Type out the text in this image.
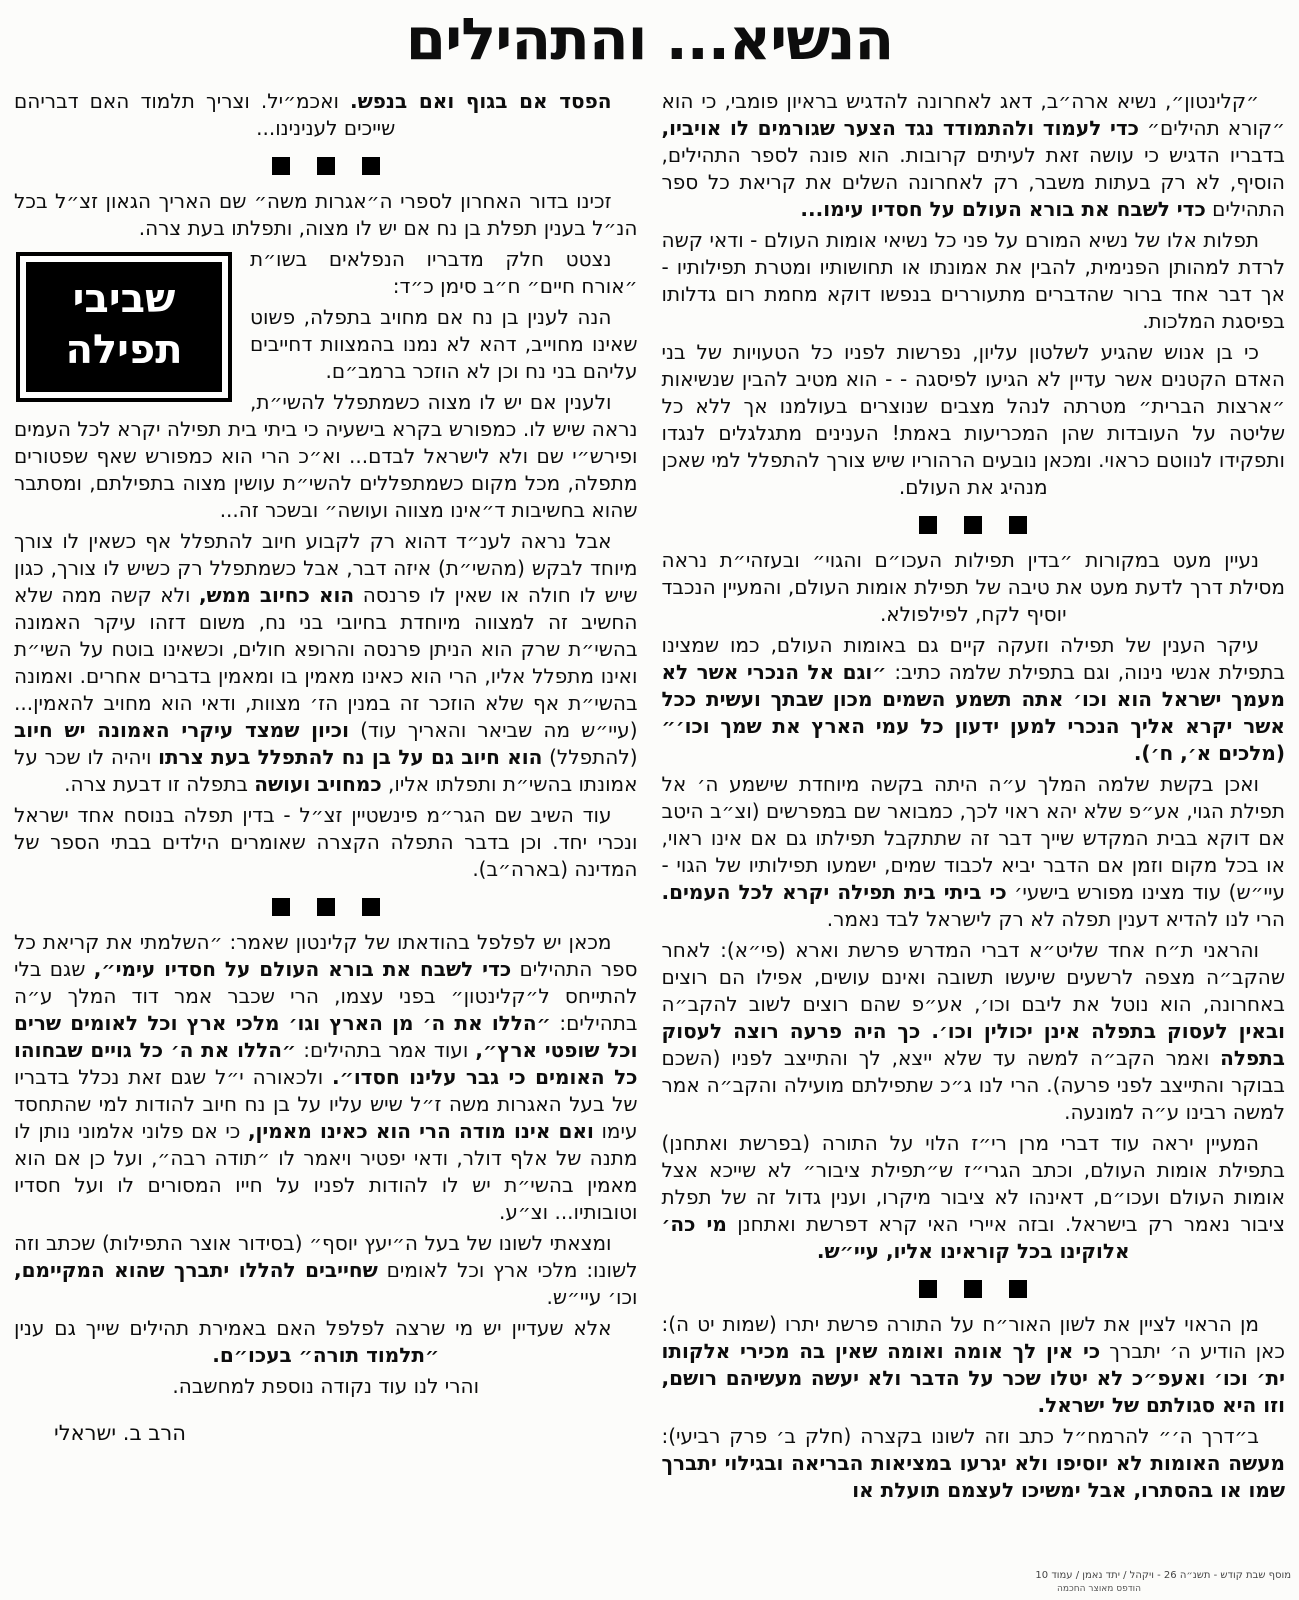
הנשיא... והתהילים

״קלינטון״, נשיא ארה״ב, דאג לאחרונה להדגיש בראיון פומבי, כי הוא ״קורא תהילים״ כדי לעמוד ולהתמודד נגד הצער שגורמים לו אויביו, בדבריו הדגיש כי עושה זאת לעיתים קרובות. הוא פונה לספר התהילים, הוסיף, לא רק בעתות משבר, רק לאחרונה השלים את קריאת כל ספר התהילים כדי לשבח את בורא העולם על חסדיו עימו...

תפלות אלו של נשיא המורם על פני כל נשיאי אומות העולם - ודאי קשה לרדת למהותן הפנימית, להבין את אמונתו או תחושותיו ומטרת תפילותיו - אך דבר אחד ברור שהדברים מתעוררים בנפשו דוקא מחמת רום גדלותו בפיסגת המלכות.

כי בן אנוש שהגיע לשלטון עליון, נפרשות לפניו כל הטעויות של בני האדם הקטנים אשר עדיין לא הגיעו לפיסגה - - הוא מטיב להבין שנשיאות ״ארצות הברית״ מטרתה לנהל מצבים שנוצרים בעולמנו אך ללא כל שליטה על העובדות שהן המכריעות באמת! הענינים מתגלגלים לנגדו ותפקידו לנווטם כראוי. ומכאן נובעים הרהוריו שיש צורך להתפלל למי שאכן מנהיג את העולם.

נעיין מעט במקורות ״בדין תפילות העכו״ם והגוי״ ובעזהי״ת נראה מסילת דרך לדעת מעט את טיבה של תפילת אומות העולם, והמעיין הנכבד יוסיף לקח, לפילפולא.

עיקר הענין של תפילה וזעקה קיים גם באומות העולם, כמו שמצינו בתפילת אנשי נינוה, וגם בתפילת שלמה כתיב: ״וגם אל הנכרי אשר לא מעמך ישראל הוא וכו׳ אתה תשמע השמים מכון שבתך ועשית ככל אשר יקרא אליך הנכרי למען ידעון כל עמי הארץ את שמך וכו׳״ (מלכים א׳, ח׳).

ואכן בקשת שלמה המלך ע״ה היתה בקשה מיוחדת שישמע ה׳ אל תפילת הגוי, אע״פ שלא יהא ראוי לכך, כמבואר שם במפרשים (וצ״ב היטב אם דוקא בבית המקדש שייך דבר זה שתתקבל תפילתו גם אם אינו ראוי, או בכל מקום וזמן אם הדבר יביא לכבוד שמים, ישמעו תפילותיו של הגוי - עיי״ש) עוד מצינו מפורש בישעי׳ כי ביתי בית תפילה יקרא לכל העמים. הרי לנו להדיא דענין תפלה לא רק לישראל לבד נאמר.

והראני ת״ח אחד שליט״א דברי המדרש פרשת וארא (פי״א): לאחר שהקב״ה מצפה לרשעים שיעשו תשובה ואינם עושים, אפילו הם רוצים באחרונה, הוא נוטל את ליבם וכו׳, אע״פ שהם רוצים לשוב להקב״ה ובאין לעסוק בתפלה אינן יכולין וכו׳. כך היה פרעה רוצה לעסוק בתפלה ואמר הקב״ה למשה עד שלא ייצא, לך והתייצב לפניו (השכם בבוקר והתייצב לפני פרעה). הרי לנו ג״כ שתפילתם מועילה והקב״ה אמר למשה רבינו ע״ה למונעה.

המעיין יראה עוד דברי מרן רי״ז הלוי על התורה (בפרשת ואתחנן) בתפילת אומות העולם, וכתב הגרי״ז ש״תפילת ציבור״ לא שייכא אצל אומות העולם ועכו״ם, דאינהו לא ציבור מיקרו, וענין גדול זה של תפלת ציבור נאמר רק בישראל. ובזה איירי האי קרא דפרשת ואתחנן מי כה׳ אלוקינו בכל קוראינו אליו, עיי״ש.

מן הראוי לציין את לשון האור״ח על התורה פרשת יתרו (שמות יט ה): כאן הודיע ה׳ יתברך כי אין לך אומה ואומה שאין בה מכירי אלקותו ית׳ וכו׳ ואעפ״כ לא יטלו שכר על הדבר ולא יעשה מעשיהם רושם, וזו היא סגולתם של ישראל.

ב״דרך ה׳״ להרמח״ל כתב וזה לשונו בקצרה (חלק ב׳ פרק רביעי): מעשה האומות לא יוסיפו ולא יגרעו במציאות הבריאה ובגילוי יתברך שמו או בהסתרו, אבל ימשיכו לעצמם תועלת או

הפסד אם בגוף ואם בנפש. ואכמ״יל. וצריך תלמוד האם דבריהם שייכים לענינינו...

זכינו בדור האחרון לספרי ה״אגרות משה״ שם האריך הגאון זצ״ל בכל הנ״ל בענין תפלת בן נח אם יש לו מצוה, ותפלתו בעת צרה.

שביבי
תפילה

נצטט חלק מדבריו הנפלאים בשו״ת ״אורח חיים״ ח״ב סימן כ״ד:

הנה לענין בן נח אם מחויב בתפלה, פשוט שאינו מחוייב, דהא לא נמנו בהמצוות דחייבים עליהם בני נח וכן לא הוזכר ברמב״ם.

ולענין אם יש לו מצוה כשמתפלל להשי״ת, נראה שיש לו. כמפורש בקרא בישעיה כי ביתי בית תפילה יקרא לכל העמים ופירש״י שם ולא לישראל לבדם... וא״כ הרי הוא כמפורש שאף שפטורים מתפלה, מכל מקום כשמתפללים להשי״ת עושין מצוה בתפילתם, ומסתבר שהוא בחשיבות ד״אינו מצווה ועושה״ ובשכר זה...

אבל נראה לענ״ד דהוא רק לקבוע חיוב להתפלל אף כשאין לו צורך מיוחד לבקש (מהשי״ת) איזה דבר, אבל כשמתפלל רק כשיש לו צורך, כגון שיש לו חולה או שאין לו פרנסה הוא כחיוב ממש, ולא קשה ממה שלא החשיב זה למצווה מיוחדת בחיובי בני נח, משום דזהו עיקר האמונה בהשי״ת שרק הוא הניתן פרנסה והרופא חולים, וכשאינו בוטח על השי״ת ואינו מתפלל אליו, הרי הוא כאינו מאמין בו ומאמין בדברים אחרים. ואמונה בהשי״ת אף שלא הוזכר זה במנין הז׳ מצוות, ודאי הוא מחויב להאמין... (עיי״ש מה שביאר והאריך עוד) וכיון שמצד עיקרי האמונה יש חיוב (להתפלל) הוא חיוב גם על בן נח להתפלל בעת צרתו ויהיה לו שכר על אמונתו בהשי״ת ותפלתו אליו, כמחויב ועושה בתפלה זו דבעת צרה.

עוד השיב שם הגר״מ פינשטיין זצ״ל - בדין תפלה בנוסח אחד ישראל ונכרי יחד. וכן בדבר התפלה הקצרה שאומרים הילדים בבתי הספר של המדינה (בארה״ב).

מכאן יש לפלפל בהודאתו של קלינטון שאמר: ״השלמתי את קריאת כל ספר התהילים כדי לשבח את בורא העולם על חסדיו עימי״, שגם בלי להתייחס ל״קלינטון״ בפני עצמו, הרי שכבר אמר דוד המלך ע״ה בתהילים: ״הללו את ה׳ מן הארץ וגו׳ מלכי ארץ וכל לאומים שרים וכל שופטי ארץ״, ועוד אמר בתהילים: ״הללו את ה׳ כל גויים שבחוהו כל האומים כי גבר עלינו חסדו״. ולכאורה י״ל שגם זאת נכלל בדבריו של בעל האגרות משה ז״ל שיש עליו על בן נח חיוב להודות למי שהתחסד עימו ואם אינו מודה הרי הוא כאינו מאמין, כי אם פלוני אלמוני נותן לו מתנה של אלף דולר, ודאי יפטיר ויאמר לו ״תודה רבה״, ועל כן אם הוא מאמין בהשי״ת יש לו להודות לפניו על חייו המסורים לו ועל חסדיו וטובותיו... וצ״ע.

ומצאתי לשונו של בעל ה״יעץ יוסף״ (בסידור אוצר התפילות) שכתב וזה לשונו: מלכי ארץ וכל לאומים שחייבים להללו יתברך שהוא המקיימם, וכו׳ עיי״ש.

אלא שעדיין יש מי שרצה לפלפל האם באמירת תהילים שייך גם ענין ״תלמוד תורה״ בעכו״ם.

והרי לנו עוד נקודה נוספת למחשבה.

הרב ב. ישראלי

מוסף שבת קודש - תשנ״ה 26 - ויקהל / יתד נאמן / עמוד 10
הודפס מאוצר החכמה
